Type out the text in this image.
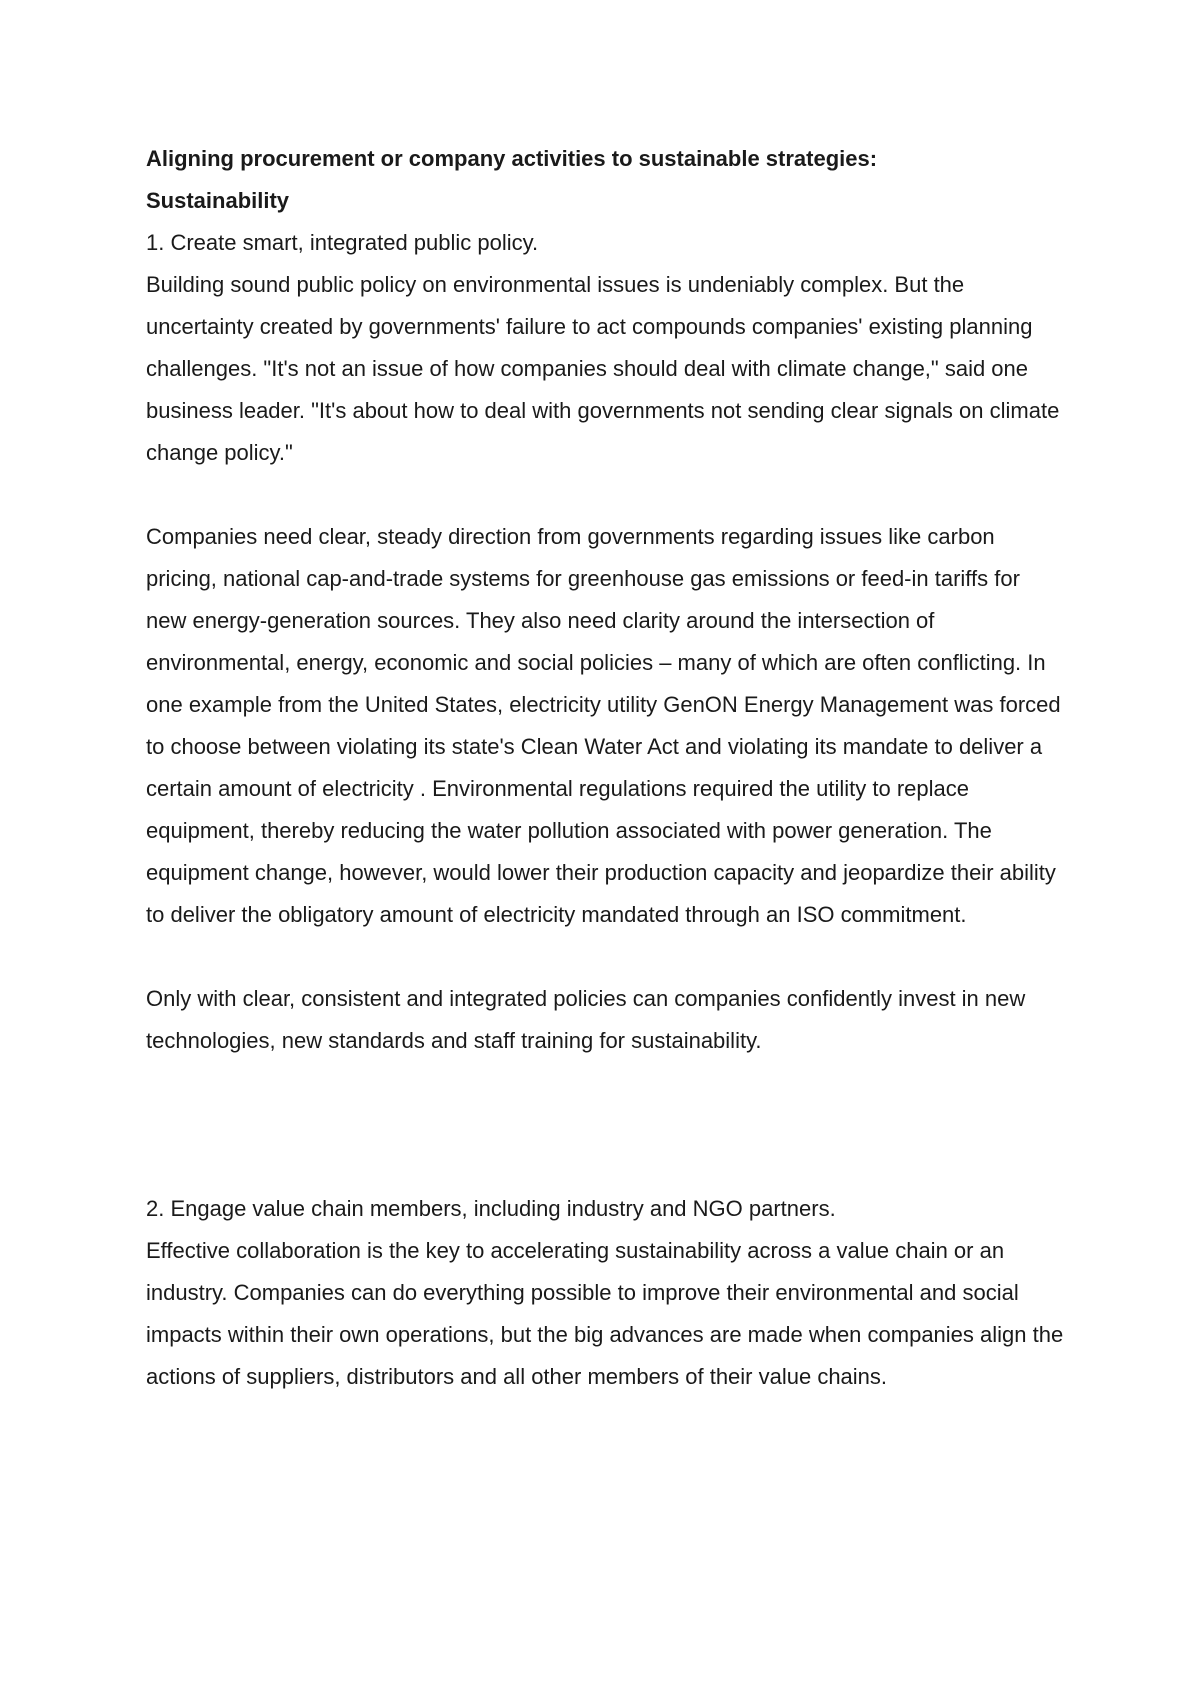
Aligning procurement or company activities to sustainable strategies:

Sustainability

1. Create smart, integrated public policy.

Building sound public policy on environmental issues is undeniably complex. But the uncertainty created by governments' failure to act compounds companies' existing planning challenges. "It's not an issue of how companies should deal with climate change," said one business leader. "It's about how to deal with governments not sending clear signals on climate change policy."

Companies need clear, steady direction from governments regarding issues like carbon pricing, national cap-and-trade systems for greenhouse gas emissions or feed-in tariffs for new energy-generation sources. They also need clarity around the intersection of environmental, energy, economic and social policies – many of which are often conflicting. In one example from the United States, electricity utility GenON Energy Management was forced to choose between violating its state's Clean Water Act and violating its mandate to deliver a certain amount of electricity . Environmental regulations required the utility to replace equipment, thereby reducing the water pollution associated with power generation. The equipment change, however, would lower their production capacity and jeopardize their ability to deliver the obligatory amount of electricity mandated through an ISO commitment.

Only with clear, consistent and integrated policies can companies confidently invest in new technologies, new standards and staff training for sustainability.

2. Engage value chain members, including industry and NGO partners.

Effective collaboration is the key to accelerating sustainability across a value chain or an industry. Companies can do everything possible to improve their environmental and social impacts within their own operations, but the big advances are made when companies align the actions of suppliers, distributors and all other members of their value chains.
